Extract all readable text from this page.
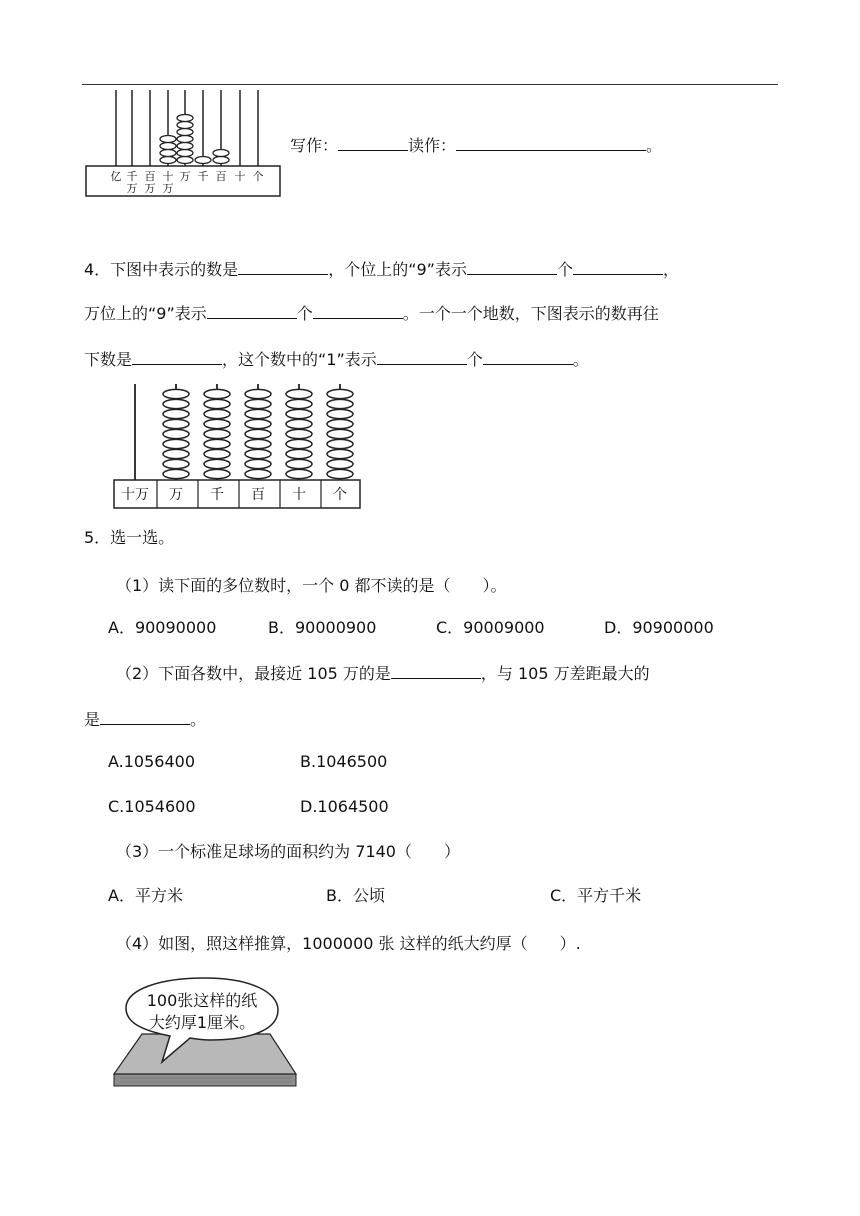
亿 千 百 十 万 千 百 十 个
万 万 万
写作：	读作：	。
4．下图中表示的数是	，个位上的“9”表示	个	，
万位上的“9”表示	个	。一个一个地数，下图表示的数再往
下数是	，这个数中的“1”表示	个	。
十万 万 千 百 十 个
5．选一选。
（1）读下面的多位数时，一个 0 都不读的是（　　）。
A．90090000	B．90000900	C．90009000	D．90900000
（2）下面各数中，最接近 105 万的是	，与 105 万差距最大的
是	。
A.1056400	B.1046500
C.1054600	D.1064500
（3）一个标准足球场的面积约为 7140（　　）
A．平方米	B．公顷	C．平方千米
（4）如图，照这样推算，1000000 张 这样的纸大约厚（　　）.
100张这样的纸
大约厚1厘米。
